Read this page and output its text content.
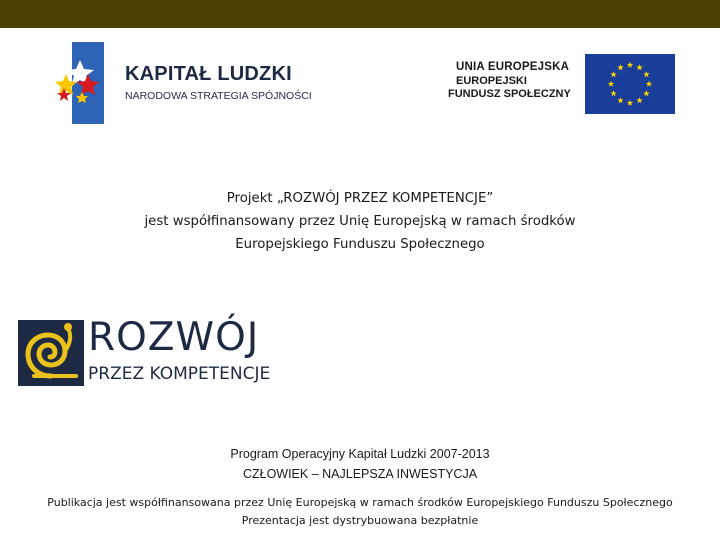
KAPITAŁ LUDZKI
NARODOWA STRATEGIA SPÓJNOŚCI
UNIA EUROPEJSKA
EUROPEJSKI
FUNDUSZ SPOŁECZNY
Projekt „ROZWÓJ PRZEZ KOMPETENCJE”
jest współfinansowany przez Unię Europejską w ramach środków
Europejskiego Funduszu Społecznego
ROZWÓJ
PRZEZ KOMPETENCJE
Program Operacyjny Kapitał Ludzki 2007-2013
CZŁOWIEK – NAJLEPSZA INWESTYCJA
Publikacja jest współfinansowana przez Unię Europejską w ramach środków Europejskiego Funduszu Społecznego
Prezentacja jest dystrybuowana bezpłatnie
